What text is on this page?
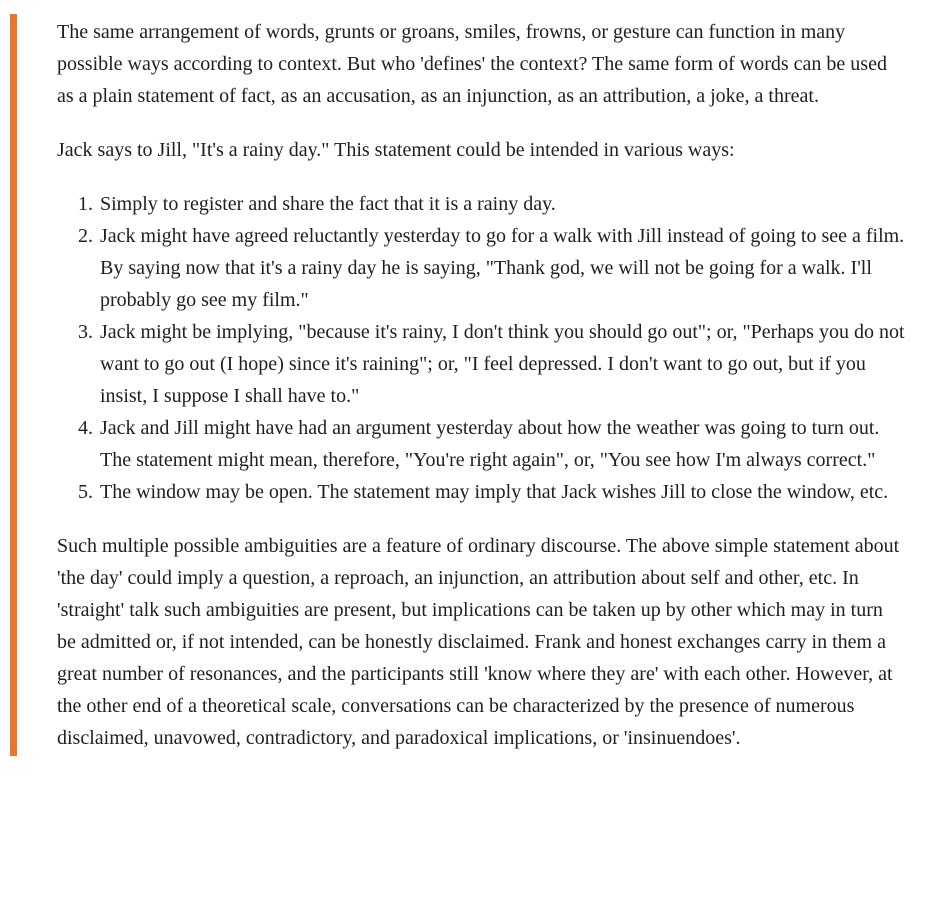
The same arrangement of words, grunts or groans, smiles, frowns, or gesture can function in many possible ways according to context. But who 'defines' the context? The same form of words can be used as a plain statement of fact, as an accusation, as an injunction, as an attribution, a joke, a threat.

Jack says to Jill, "It's a rainy day." This statement could be intended in various ways:

1. Simply to register and share the fact that it is a rainy day.
2. Jack might have agreed reluctantly yesterday to go for a walk with Jill instead of going to see a film. By saying now that it's a rainy day he is saying, "Thank god, we will not be going for a walk. I'll probably go see my film."
3. Jack might be implying, "because it's rainy, I don't think you should go out"; or, "Perhaps you do not want to go out (I hope) since it's raining"; or, "I feel depressed. I don't want to go out, but if you insist, I suppose I shall have to."
4. Jack and Jill might have had an argument yesterday about how the weather was going to turn out. The statement might mean, therefore, "You're right again", or, "You see how I'm always correct."
5. The window may be open. The statement may imply that Jack wishes Jill to close the window, etc.

Such multiple possible ambiguities are a feature of ordinary discourse. The above simple statement about 'the day' could imply a question, a reproach, an injunction, an attribution about self and other, etc. In 'straight' talk such ambiguities are present, but implications can be taken up by other which may in turn be admitted or, if not intended, can be honestly disclaimed. Frank and honest exchanges carry in them a great number of resonances, and the participants still 'know where they are' with each other. However, at the other end of a theoretical scale, conversations can be characterized by the presence of numerous disclaimed, unavowed, contradictory, and paradoxical implications, or 'insinuendoes'.
